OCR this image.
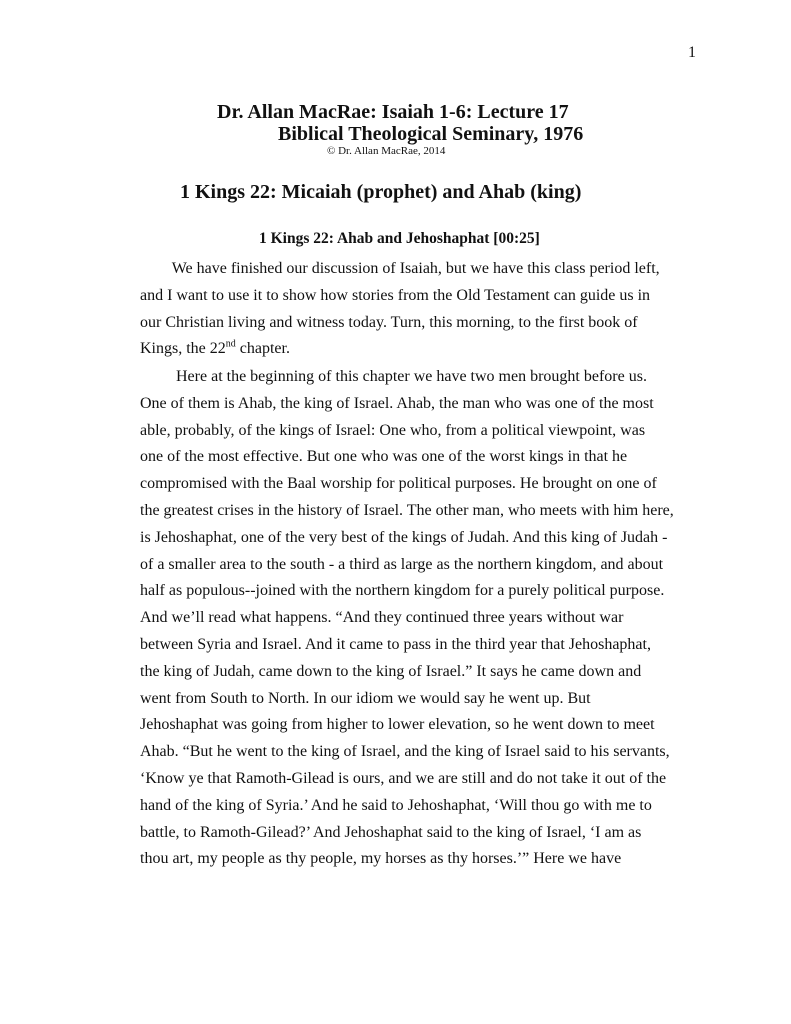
1
Dr. Allan MacRae: Isaiah 1-6: Lecture 17
Biblical Theological Seminary, 1976
© Dr. Allan MacRae, 2014
1 Kings 22: Micaiah (prophet) and Ahab (king)
1 Kings 22: Ahab and Jehoshaphat [00:25]
We have finished our discussion of Isaiah, but we have this class period left,
and I want to use it to show how stories from the Old Testament can guide us in
our Christian living and witness today. Turn, this morning, to the first book of
Kings, the 22nd chapter.
Here at the beginning of this chapter we have two men brought before us.
One of them is Ahab, the king of Israel. Ahab, the man who was one of the most
able, probably, of the kings of Israel: One who, from a political viewpoint, was
one of the most effective. But one who was one of the worst kings in that he
compromised with the Baal worship for political purposes. He brought on one of
the greatest crises in the history of Israel. The other man, who meets with him here,
is Jehoshaphat, one of the very best of the kings of Judah. And this king of Judah -
of a smaller area to the south - a third as large as the northern kingdom, and about
half as populous--joined with the northern kingdom for a purely political purpose.
And we’ll read what happens. “And they continued three years without war
between Syria and Israel. And it came to pass in the third year that Jehoshaphat,
the king of Judah, came down to the king of Israel.” It says he came down and
went from South to North. In our idiom we would say he went up. But
Jehoshaphat was going from higher to lower elevation, so he went down to meet
Ahab. “But he went to the king of Israel, and the king of Israel said to his servants,
‘Know ye that Ramoth-Gilead is ours, and we are still and do not take it out of the
hand of the king of Syria.’ And he said to Jehoshaphat, ‘Will thou go with me to
battle, to Ramoth-Gilead?’ And Jehoshaphat said to the king of Israel, ‘I am as
thou art, my people as thy people, my horses as thy horses.’” Here we have
